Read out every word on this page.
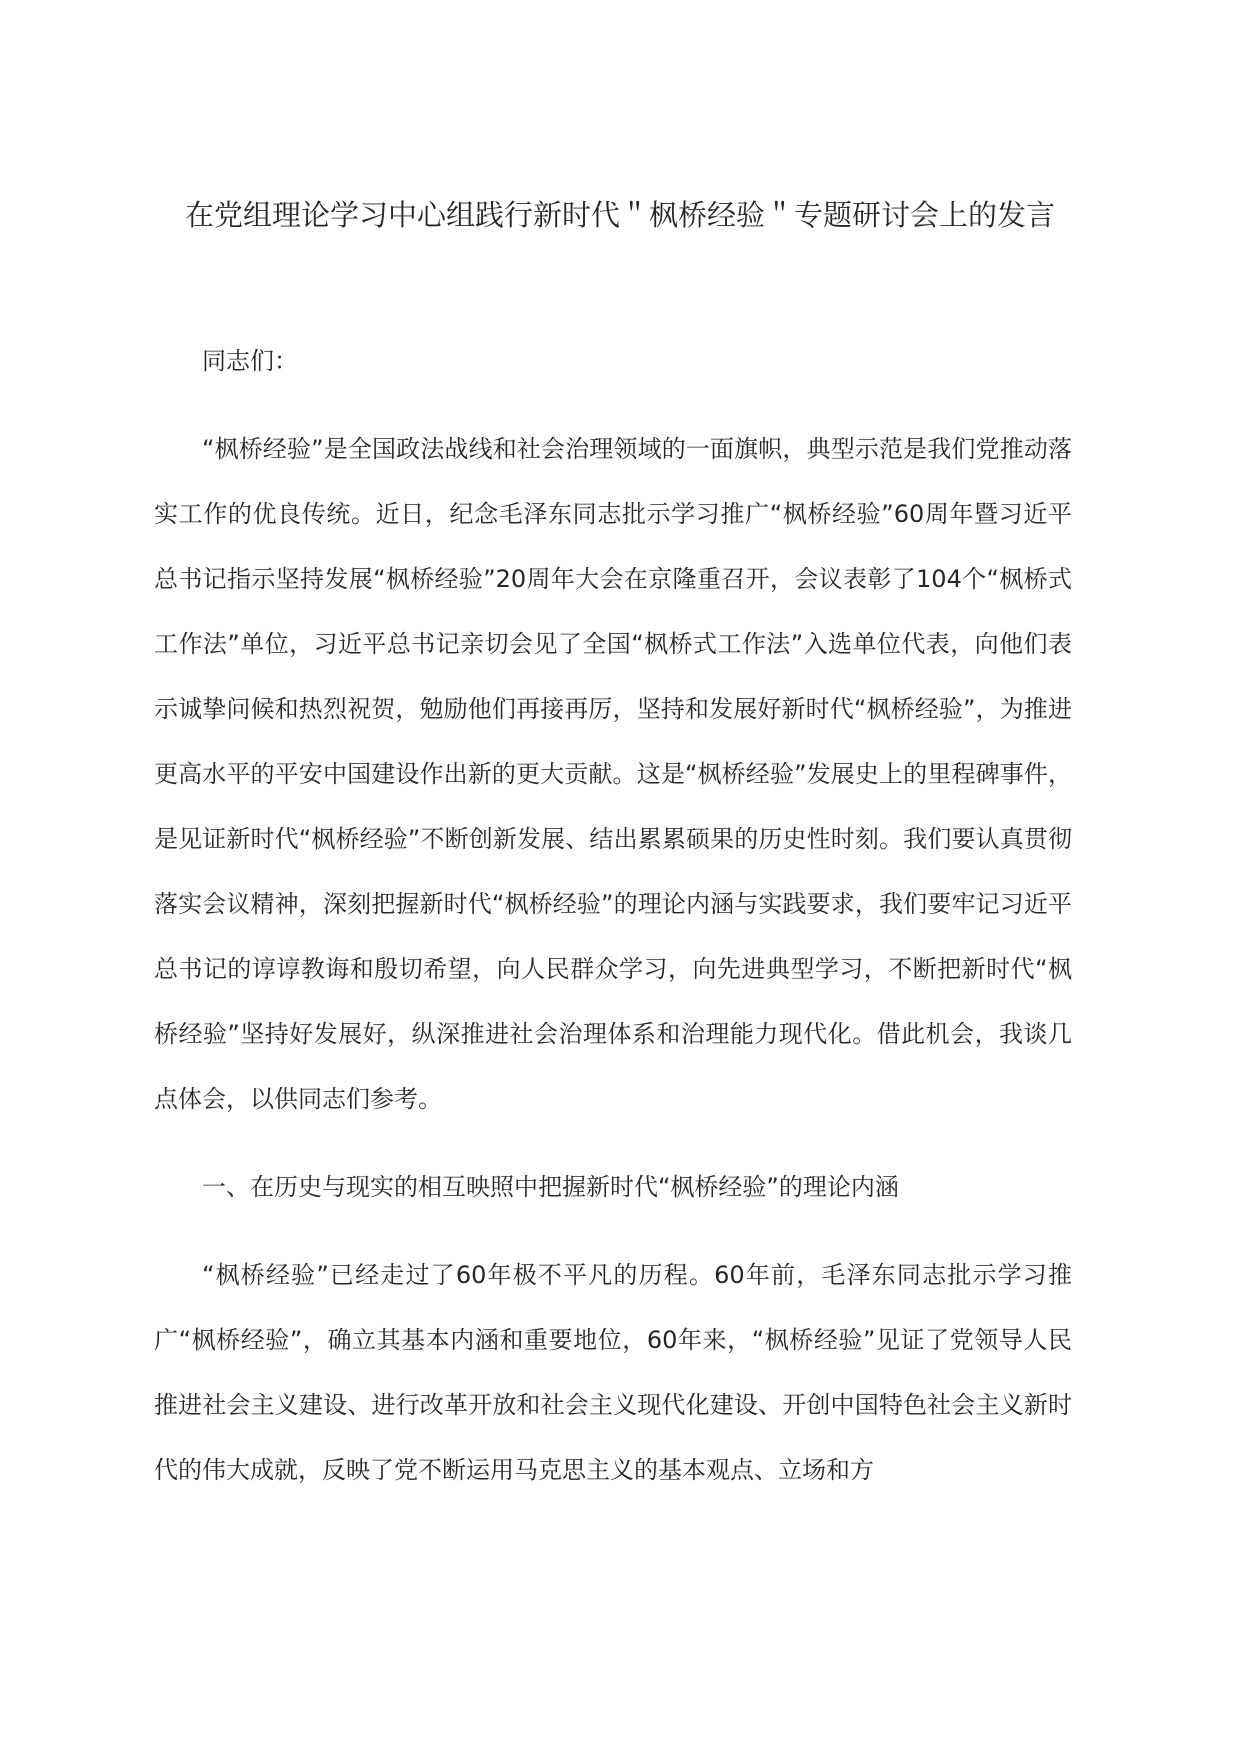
在党组理论学习中心组践行新时代＂枫桥经验＂专题研讨会上的发言

同志们：

“枫桥经验”是全国政法战线和社会治理领域的一面旗帜，典型示范是我们党推动落实工作的优良传统。近日，纪念毛泽东同志批示学习推广“枫桥经验”60周年暨习近平总书记指示坚持发展“枫桥经验”20周年大会在京隆重召开，会议表彰了104个“枫桥式工作法”单位，习近平总书记亲切会见了全国“枫桥式工作法”入选单位代表，向他们表示诚挚问候和热烈祝贺，勉励他们再接再厉，坚持和发展好新时代“枫桥经验”，为推进更高水平的平安中国建设作出新的更大贡献。这是“枫桥经验”发展史上的里程碑事件，是见证新时代“枫桥经验”不断创新发展、结出累累硕果的历史性时刻。我们要认真贯彻落实会议精神，深刻把握新时代“枫桥经验”的理论内涵与实践要求，我们要牢记习近平总书记的谆谆教诲和殷切希望，向人民群众学习，向先进典型学习，不断把新时代“枫桥经验”坚持好发展好，纵深推进社会治理体系和治理能力现代化。借此机会，我谈几点体会，以供同志们参考。

一、在历史与现实的相互映照中把握新时代“枫桥经验”的理论内涵

“枫桥经验”已经走过了60年极不平凡的历程。60年前，毛泽东同志批示学习推广“枫桥经验”，确立其基本内涵和重要地位，60年来，“枫桥经验”见证了党领导人民推进社会主义建设、进行改革开放和社会主义现代化建设、开创中国特色社会主义新时代的伟大成就，反映了党不断运用马克思主义的基本观点、立场和方
